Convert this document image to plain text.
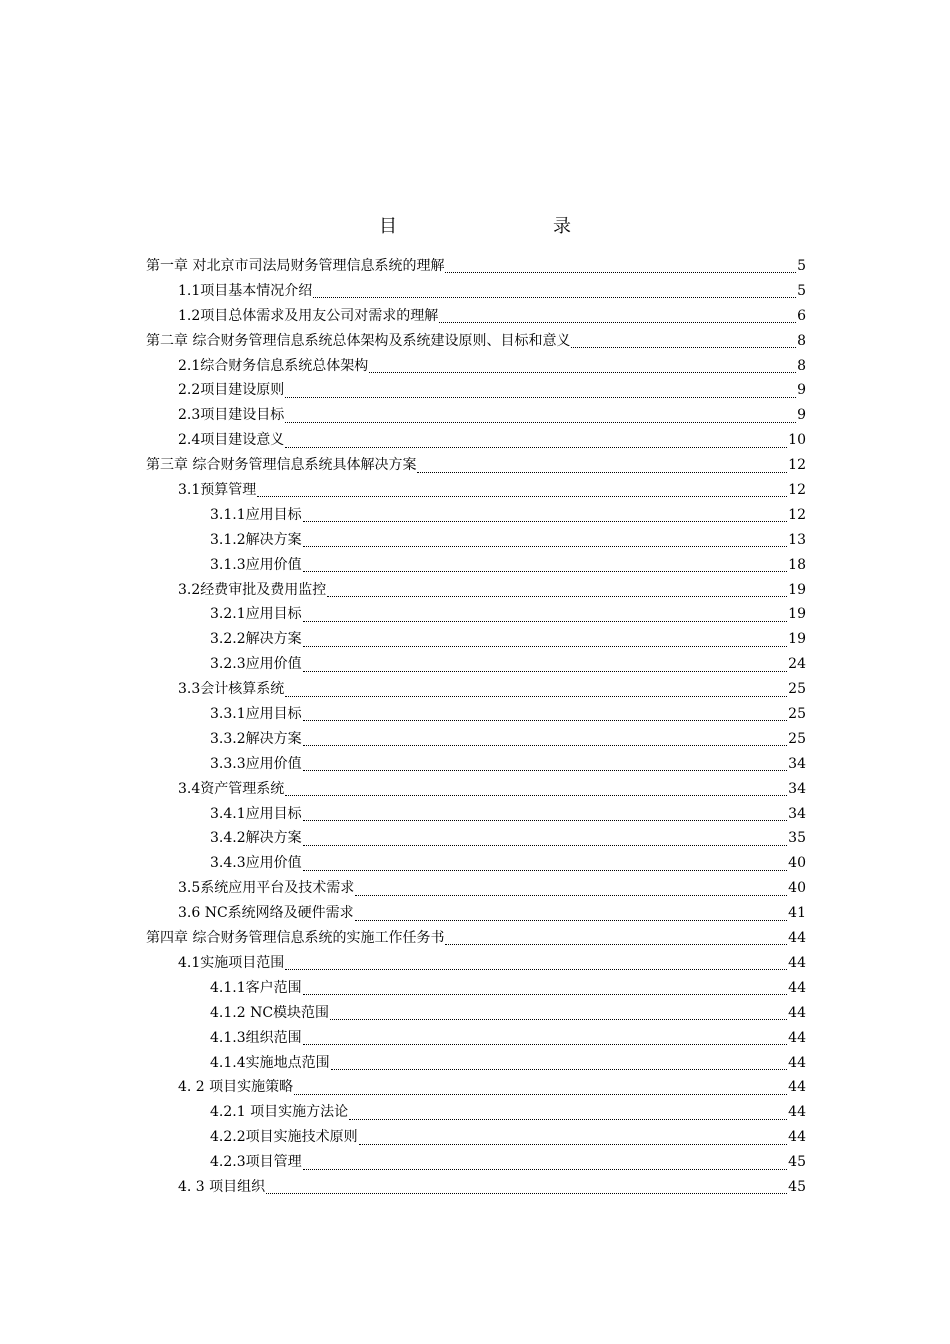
目　　录
第一章 对北京市司法局财务管理信息系统的理解	5
1.1项目基本情况介绍	5
1.2项目总体需求及用友公司对需求的理解	6
第二章 综合财务管理信息系统总体架构及系统建设原则、目标和意义	8
2.1综合财务信息系统总体架构	8
2.2项目建设原则	9
2.3项目建设目标	9
2.4项目建设意义	10
第三章 综合财务管理信息系统具体解决方案	12
3.1预算管理	12
3.1.1应用目标	12
3.1.2解决方案	13
3.1.3应用价值	18
3.2经费审批及费用监控	19
3.2.1应用目标	19
3.2.2解决方案	19
3.2.3应用价值	24
3.3会计核算系统	25
3.3.1应用目标	25
3.3.2解决方案	25
3.3.3应用价值	34
3.4资产管理系统	34
3.4.1应用目标	34
3.4.2解决方案	35
3.4.3应用价值	40
3.5系统应用平台及技术需求	40
3.6 NC系统网络及硬件需求	41
第四章 综合财务管理信息系统的实施工作任务书	44
4.1实施项目范围	44
4.1.1客户范围	44
4.1.2 NC模块范围	44
4.1.3组织范围	44
4.1.4实施地点范围	44
4. 2 项目实施策略	44
4.2.1 项目实施方法论	44
4.2.2项目实施技术原则	44
4.2.3项目管理	45
4. 3 项目组织	45
